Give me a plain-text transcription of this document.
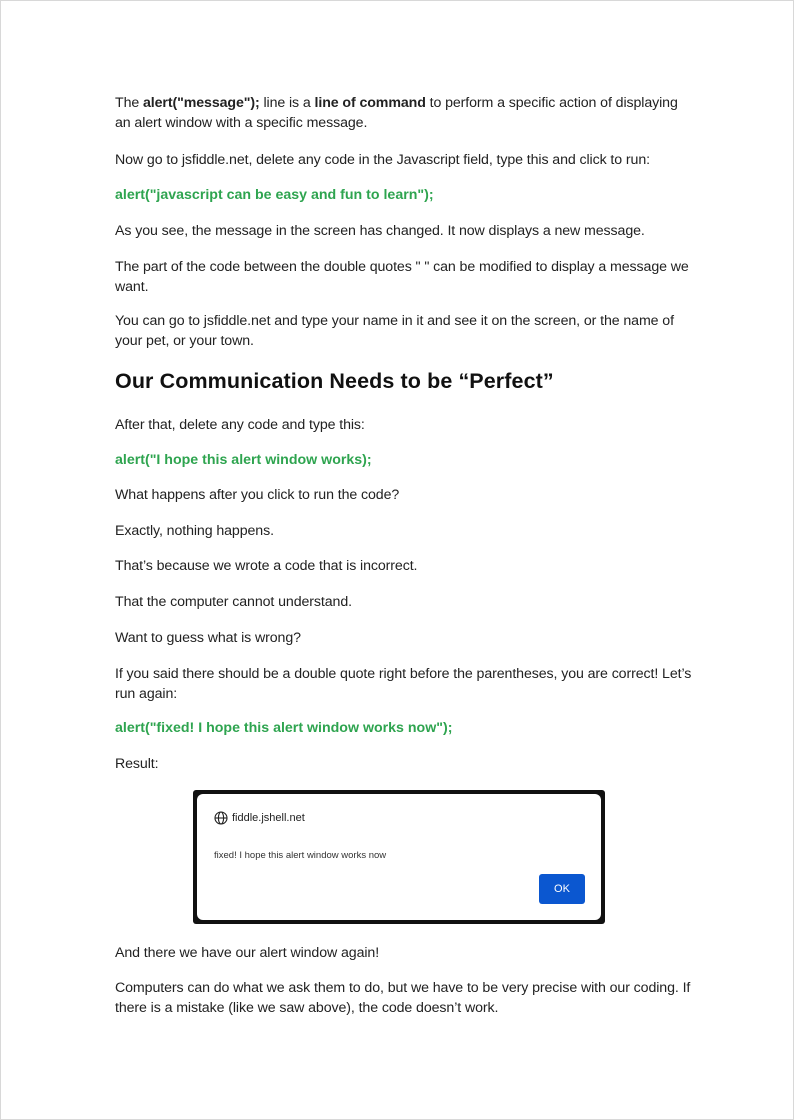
The alert("message"); line is a line of command to perform a specific action of displaying an alert window with a specific message.

Now go to jsfiddle.net, delete any code in the Javascript field, type this and click to run:

alert("javascript can be easy and fun to learn");

As you see, the message in the screen has changed. It now displays a new message.

The part of the code between the double quotes " " can be modified to display a message we want.

You can go to jsfiddle.net and type your name in it and see it on the screen, or the name of your pet, or your town.

Our Communication Needs to be “Perfect”

After that, delete any code and type this:

alert("I hope this alert window works);

What happens after you click to run the code?

Exactly, nothing happens.

That’s because we wrote a code that is incorrect.

That the computer cannot understand.

Want to guess what is wrong?

If you said there should be a double quote right before the parentheses, you are correct! Let’s run again:

alert("fixed! I hope this alert window works now");

Result:

fiddle.jshell.net
fixed! I hope this alert window works now
OK

And there we have our alert window again!

Computers can do what we ask them to do, but we have to be very precise with our coding. If there is a mistake (like we saw above), the code doesn’t work.
